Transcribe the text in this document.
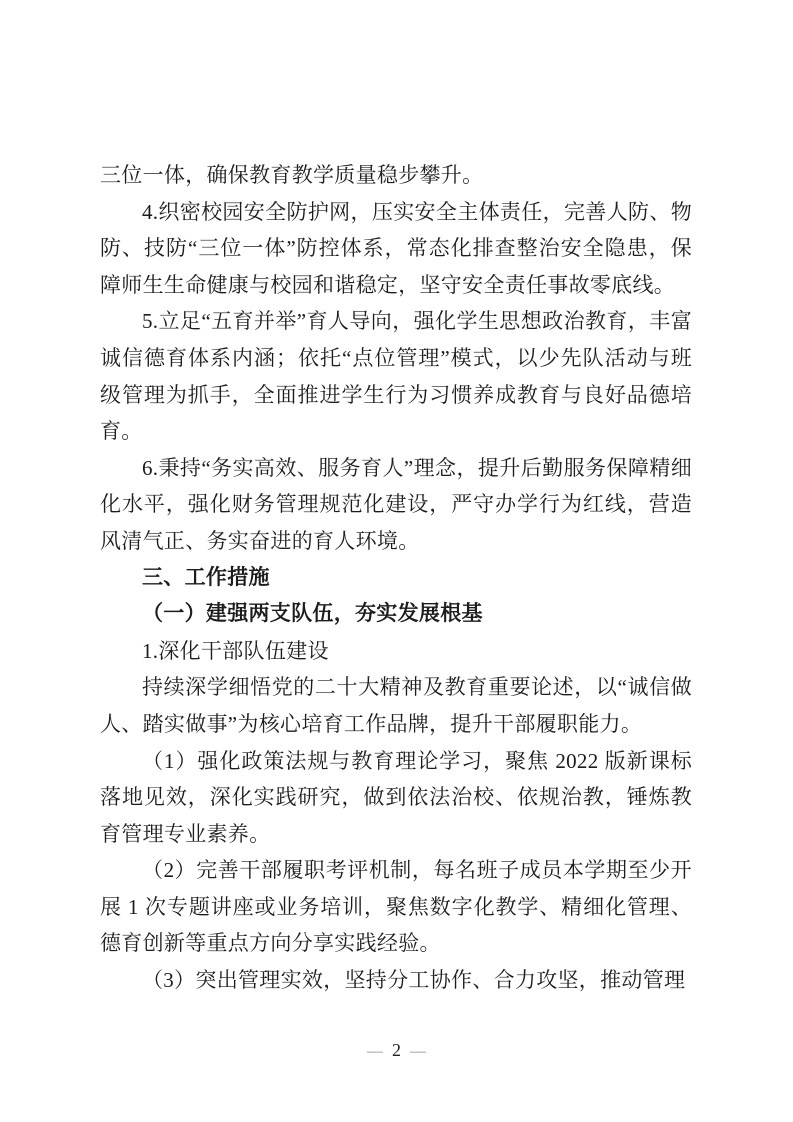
三位一体，确保教育教学质量稳步攀升。

4.织密校园安全防护网，压实安全主体责任，完善人防、物防、技防“三位一体”防控体系，常态化排查整治安全隐患，保障师生生命健康与校园和谐稳定，坚守安全责任事故零底线。

5.立足“五育并举”育人导向，强化学生思想政治教育，丰富诚信德育体系内涵；依托“点位管理”模式，以少先队活动与班级管理为抓手，全面推进学生行为习惯养成教育与良好品德培育。

6.秉持“务实高效、服务育人”理念，提升后勤服务保障精细化水平，强化财务管理规范化建设，严守办学行为红线，营造风清气正、务实奋进的育人环境。

三、工作措施

（一）建强两支队伍，夯实发展根基

1.深化干部队伍建设

持续深学细悟党的二十大精神及教育重要论述，以“诚信做人、踏实做事”为核心培育工作品牌，提升干部履职能力。

（1）强化政策法规与教育理论学习，聚焦 2022 版新课标落地见效，深化实践研究，做到依法治校、依规治教，锤炼教育管理专业素养。

（2）完善干部履职考评机制，每名班子成员本学期至少开展 1 次专题讲座或业务培训，聚焦数字化教学、精细化管理、德育创新等重点方向分享实践经验。

（3）突出管理实效，坚持分工协作、合力攻坚，推动管理

— 2 —
